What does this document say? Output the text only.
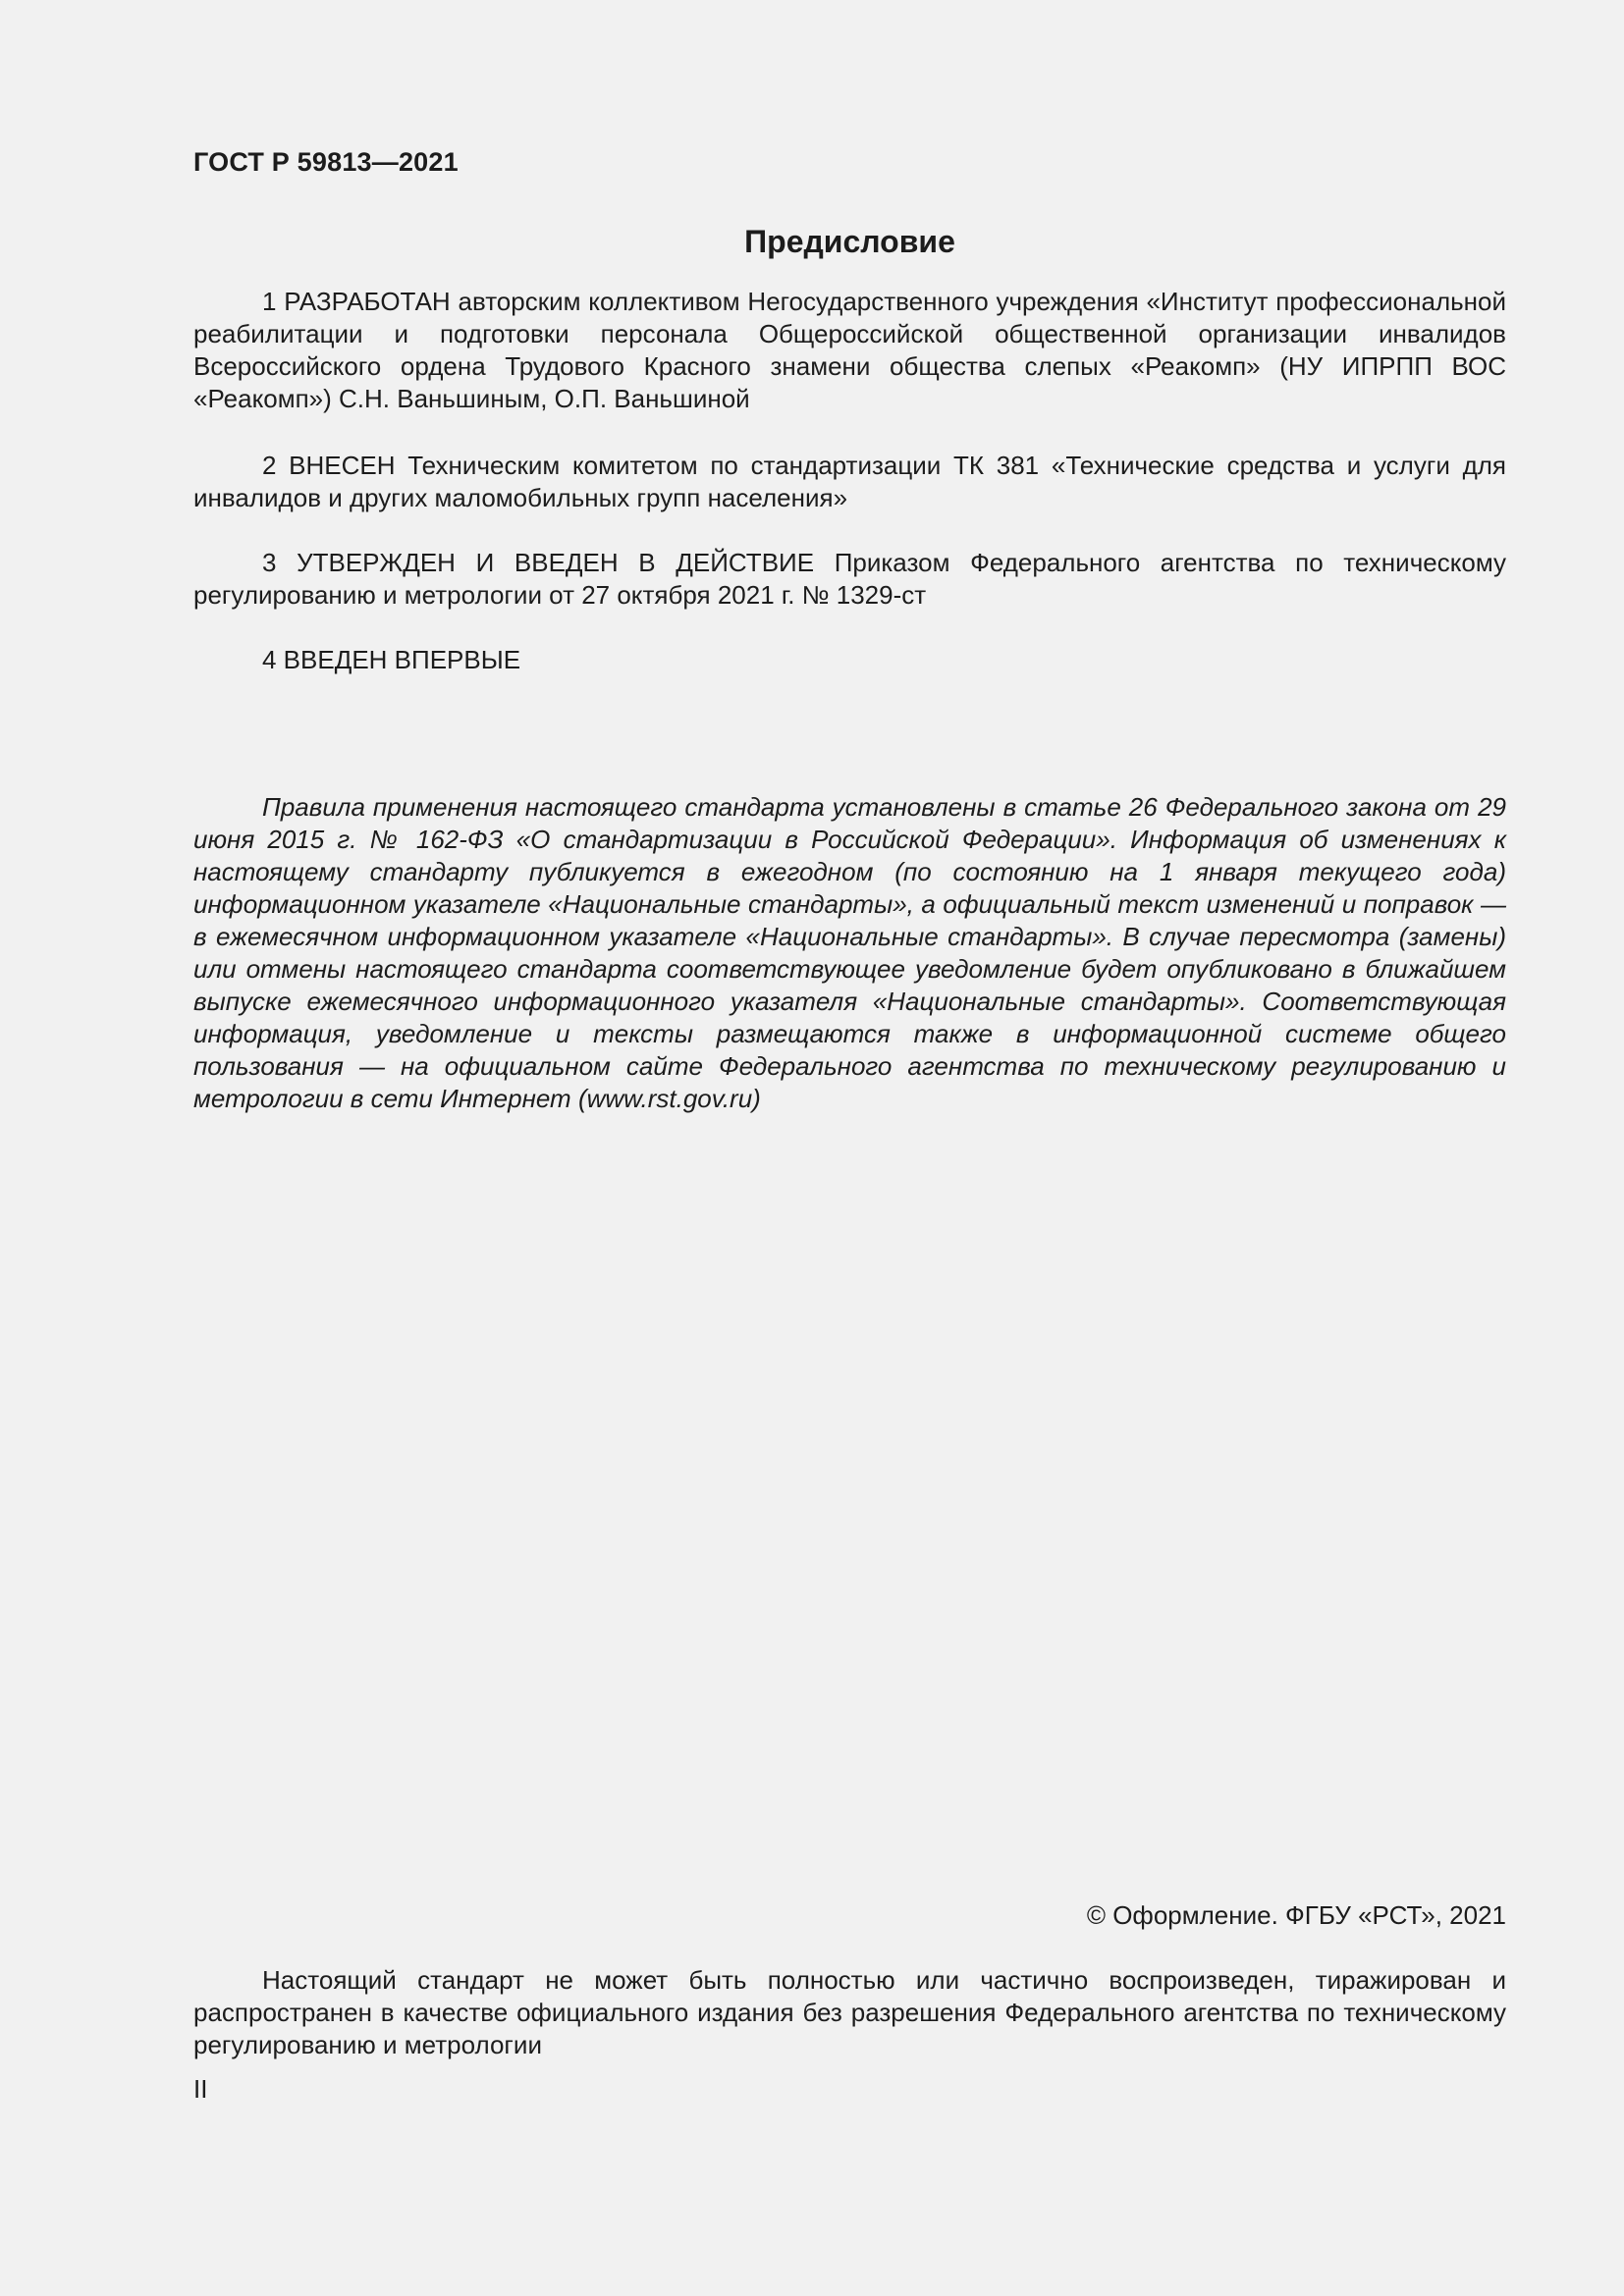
ГОСТ Р 59813—2021
Предисловие

1 РАЗРАБОТАН авторским коллективом Негосударственного учреждения «Институт профессиональной реабилитации и подготовки персонала Общероссийской общественной организации инвалидов Всероссийского ордена Трудового Красного знамени общества слепых «Реакомп» (НУ ИПРПП ВОС «Реакомп») С.Н. Ваньшиным, О.П. Ваньшиной

2 ВНЕСЕН Техническим комитетом по стандартизации ТК 381 «Технические средства и услуги для инвалидов и других маломобильных групп населения»

3 УТВЕРЖДЕН И ВВЕДЕН В ДЕЙСТВИЕ Приказом Федерального агентства по техническому регулированию и метрологии от 27 октября 2021 г. № 1329-ст

4 ВВЕДЕН ВПЕРВЫЕ

Правила применения настоящего стандарта установлены в статье 26 Федерального закона от 29 июня 2015 г. № 162-ФЗ «О стандартизации в Российской Федерации». Информация об изменениях к настоящему стандарту публикуется в ежегодном (по состоянию на 1 января текущего года) информационном указателе «Национальные стандарты», а официальный текст изменений и поправок — в ежемесячном информационном указателе «Национальные стандарты». В случае пересмотра (замены) или отмены настоящего стандарта соответствующее уведомление будет опубликовано в ближайшем выпуске ежемесячного информационного указателя «Национальные стандарты». Соответствующая информация, уведомление и тексты размещаются также в информационной системе общего пользования — на официальном сайте Федерального агентства по техническому регулированию и метрологии в сети Интернет (www.rst.gov.ru)

© Оформление. ФГБУ «РСТ», 2021

Настоящий стандарт не может быть полностью или частично воспроизведен, тиражирован и распространен в качестве официального издания без разрешения Федерального агентства по техническому регулированию и метрологии

II
